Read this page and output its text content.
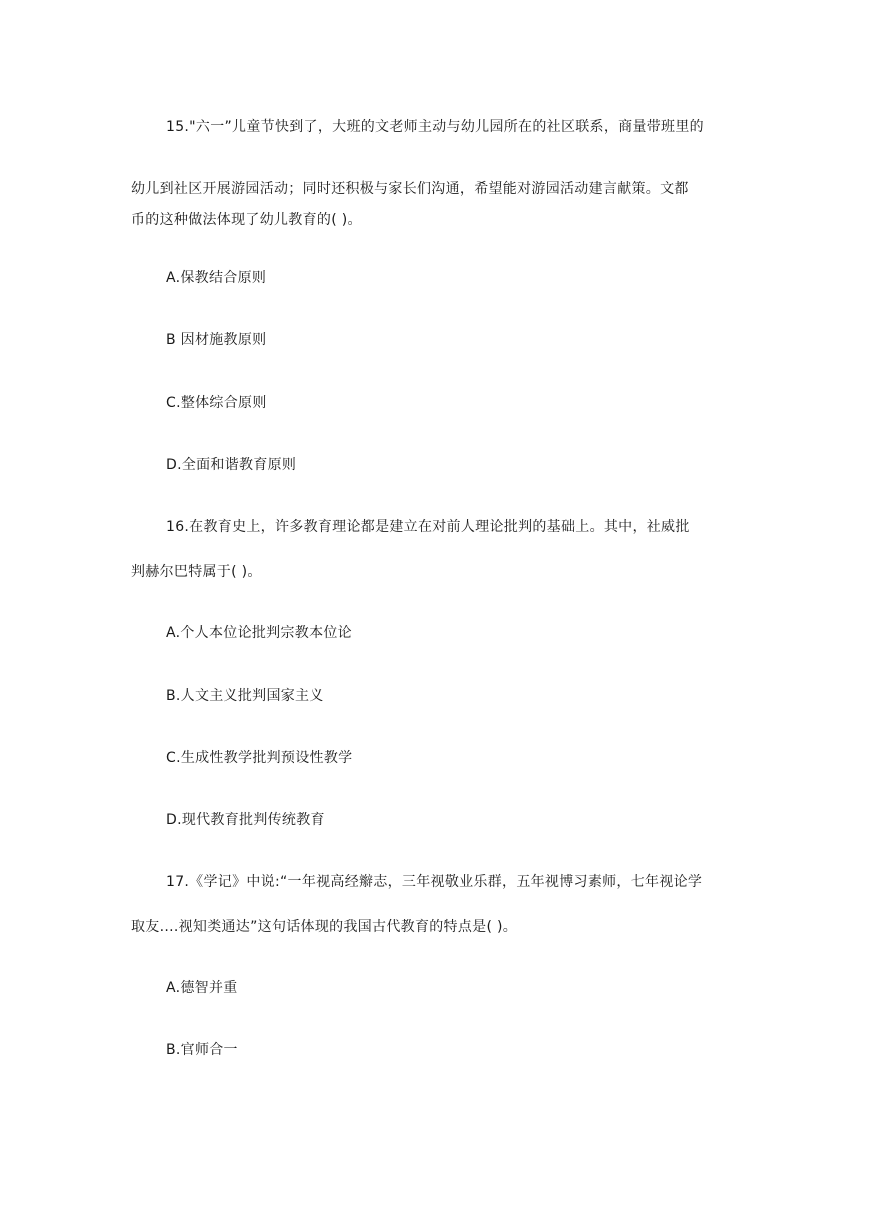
15."六一”儿童节快到了，大班的文老师主动与幼儿园所在的社区联系，商量带班里的
幼儿到社区开展游园活动；同时还积极与家长们沟通，希望能对游园活动建言献策。文都
币的这种做法体现了幼儿教育的( )。
A.保教结合原则
B 因材施教原则
C.整体综合原则
D.全面和谐教育原则
16.在教育史上，许多教育理论都是建立在对前人理论批判的基础上。其中，社威批
判赫尔巴特属于( )。
A.个人本位论批判宗教本位论
B.人文主义批判国家主义
C.生成性教学批判预设性教学
D.现代教育批判传统教育
17.《学记》中说:“一年视高经辮志，三年视敬业乐群，五年视博习素师，七年视论学
取友....视知类通达”这句话体现的我国古代教育的特点是( )。
A.德智并重
B.官师合一
